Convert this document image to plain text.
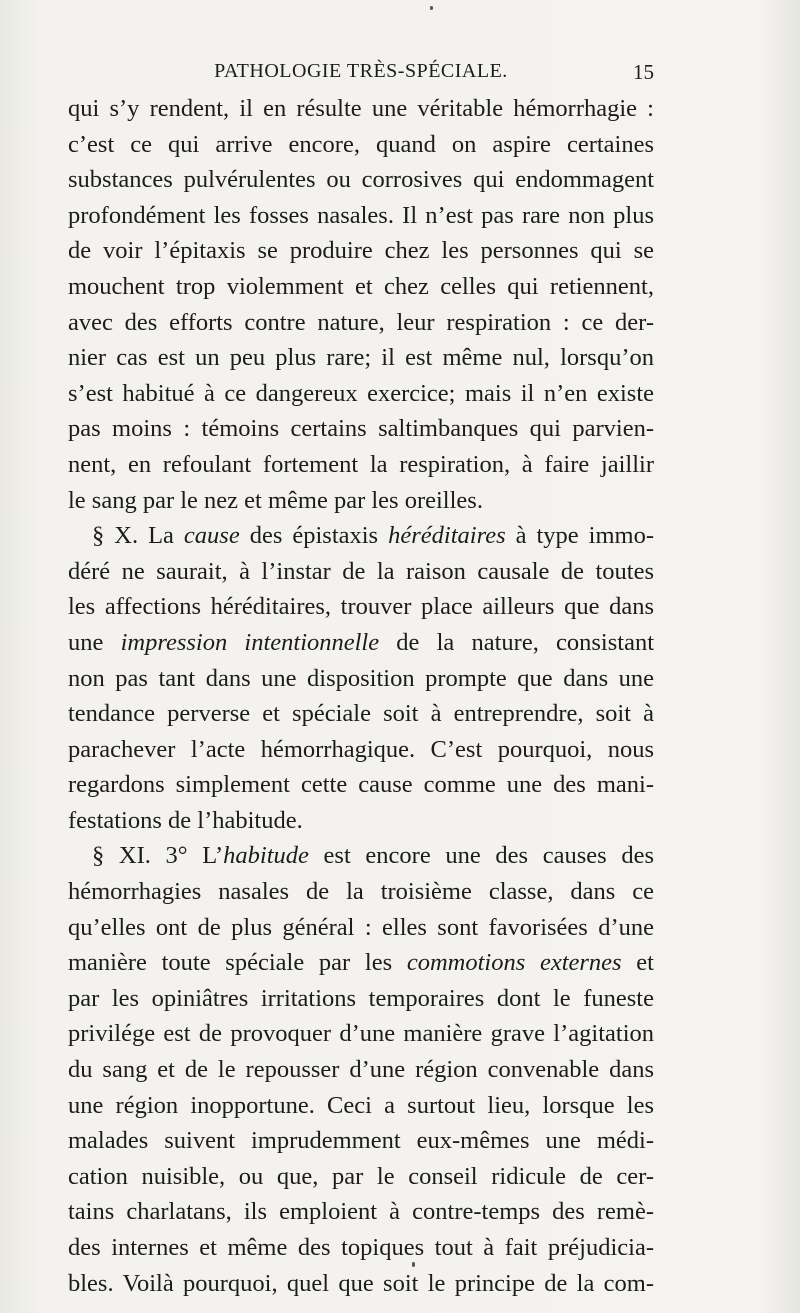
PATHOLOGIE TRÈS-SPÉCIALE.	15
qui s’y rendent, il en résulte une véritable hémorrhagie :
c’est ce qui arrive encore, quand on aspire certaines
substances pulvérulentes ou corrosives qui endommagent
profondément les fosses nasales. Il n’est pas rare non plus
de voir l’épitaxis se produire chez les personnes qui se
mouchent trop violemment et chez celles qui retiennent,
avec des efforts contre nature, leur respiration : ce der-
nier cas est un peu plus rare; il est même nul, lorsqu’on
s’est habitué à ce dangereux exercice; mais il n’en existe
pas moins : témoins certains saltimbanques qui parvien-
nent, en refoulant fortement la respiration, à faire jaillir
le sang par le nez et même par les oreilles.
§ X. La cause des épistaxis héréditaires à type immo-
déré ne saurait, à l’instar de la raison causale de toutes
les affections héréditaires, trouver place ailleurs que dans
une impression intentionnelle de la nature, consistant
non pas tant dans une disposition prompte que dans une
tendance perverse et spéciale soit à entreprendre, soit à
parachever l’acte hémorrhagique. C’est pourquoi, nous
regardons simplement cette cause comme une des mani-
festations de l’habitude.
§ XI. 3° L’habitude est encore une des causes des
hémorrhagies nasales de la troisième classe, dans ce
qu’elles ont de plus général : elles sont favorisées d’une
manière toute spéciale par les commotions externes et
par les opiniâtres irritations temporaires dont le funeste
privilége est de provoquer d’une manière grave l’agitation
du sang et de le repousser d’une région convenable dans
une région inopportune. Ceci a surtout lieu, lorsque les
malades suivent imprudemment eux-mêmes une médi-
cation nuisible, ou que, par le conseil ridicule de cer-
tains charlatans, ils emploient à contre-temps des remè-
des internes et même des topiques tout à fait préjudicia-
bles. Voilà pourquoi, quel que soit le principe de la com-
